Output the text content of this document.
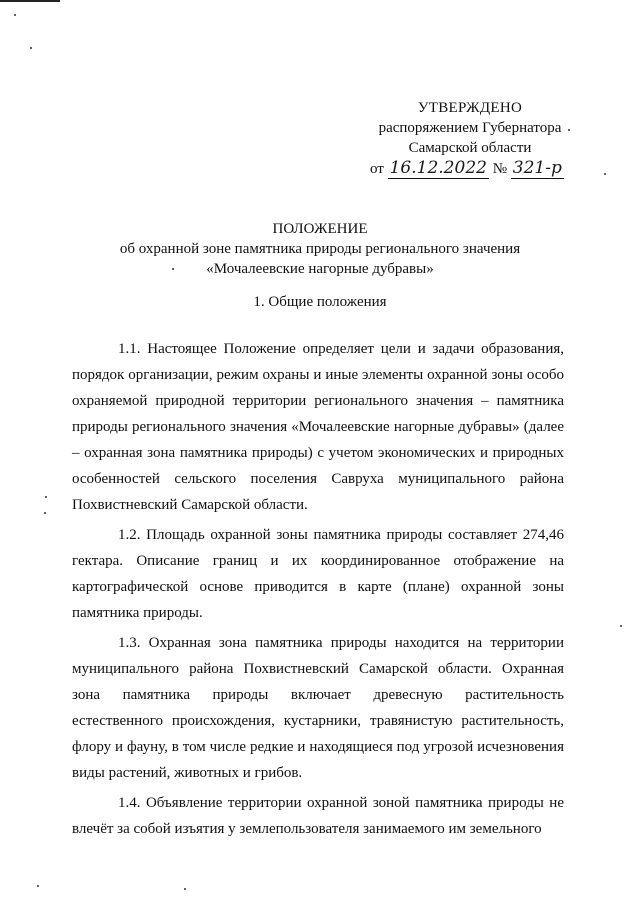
УТВЕРЖДЕНО
распоряжением Губернатора
Самарской области
от 16.12.2022 № 321-р
ПОЛОЖЕНИЕ
об охранной зоне памятника природы регионального значения
«Мочалеевские нагорные дубравы»
1. Общие положения

1.1. Настоящее Положение определяет цели и задачи образования, порядок организации, режим охраны и иные элементы охранной зоны особо охраняемой природной территории регионального значения – памятника природы регионального значения «Мочалеевские нагорные дубравы» (далее – охранная зона памятника природы) с учетом экономических и природных особенностей сельского поселения Савруха муниципального района Похвистневский Самарской области.

1.2. Площадь охранной зоны памятника природы составляет 274,46 гектара. Описание границ и их координированное отображение на картографической основе приводится в карте (плане) охранной зоны памятника природы.

1.3. Охранная зона памятника природы находится на территории муниципального района Похвистневский Самарской области. Охранная зона памятника природы включает древесную растительность естественного происхождения, кустарники, травянистую растительность, флору и фауну, в том числе редкие и находящиеся под угрозой исчезновения виды растений, животных и грибов.

1.4. Объявление территории охранной зоной памятника природы не влечёт за собой изъятия у землепользователя занимаемого им земельного
